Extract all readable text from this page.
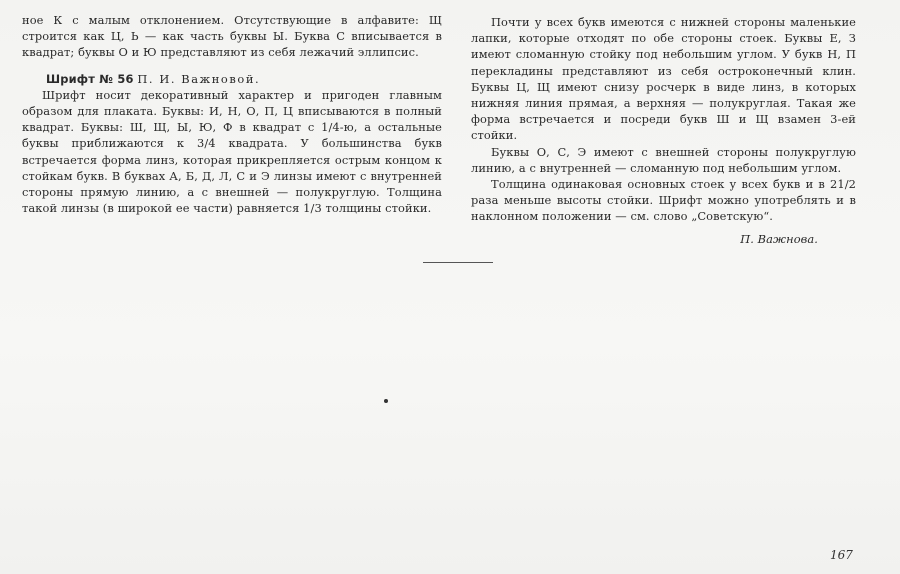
ное К с малым отклонением. Отсутствующие в алфавите: Щ строится как Ц, Ь — как часть буквы Ы. Буква С вписывается в квадрат; буквы О и Ю представляют из себя лежачий эллипсис.

Шрифт № 56 П. И. Важновой.

Шрифт носит декоративный характер и пригоден главным образом для плаката. Буквы: И, Н, О, П, Ц вписываются в полный квадрат. Буквы: Ш, Щ, Ы, Ю, Ф в квадрат с 1/4-ю, а остальные буквы приближаются к 3/4 квадрата. У большинства букв встречается форма линз, которая прикрепляется острым концом к стойкам букв. В буквах А, Б, Д, Л, С и Э линзы имеют с внутренней стороны прямую линию, а с внешней — полукруглую. Толщина такой линзы (в широкой ее части) равняется 1/3 толщины стойки.

Почти у всех букв имеются с нижней стороны маленькие лапки, которые отходят по обе стороны стоек. Буквы Е, З имеют сломанную стойку под небольшим углом. У букв Н, П перекладины представляют из себя остроконечный клин. Буквы Ц, Щ имеют снизу росчерк в виде линз, в которых нижняя линия прямая, а верхняя — полукруглая. Такая же форма встречается и посреди букв Ш и Щ взамен 3-ей стойки.

Буквы О, С, Э имеют с внешней стороны полукруглую линию, а с внутренней — сломанную под небольшим углом.

Толщина одинаковая основных стоек у всех букв и в 21/2 раза меньше высоты стойки. Шрифт можно употреблять и в наклонном положении — см. слово „Советскую“.

П. Важнова.

167
